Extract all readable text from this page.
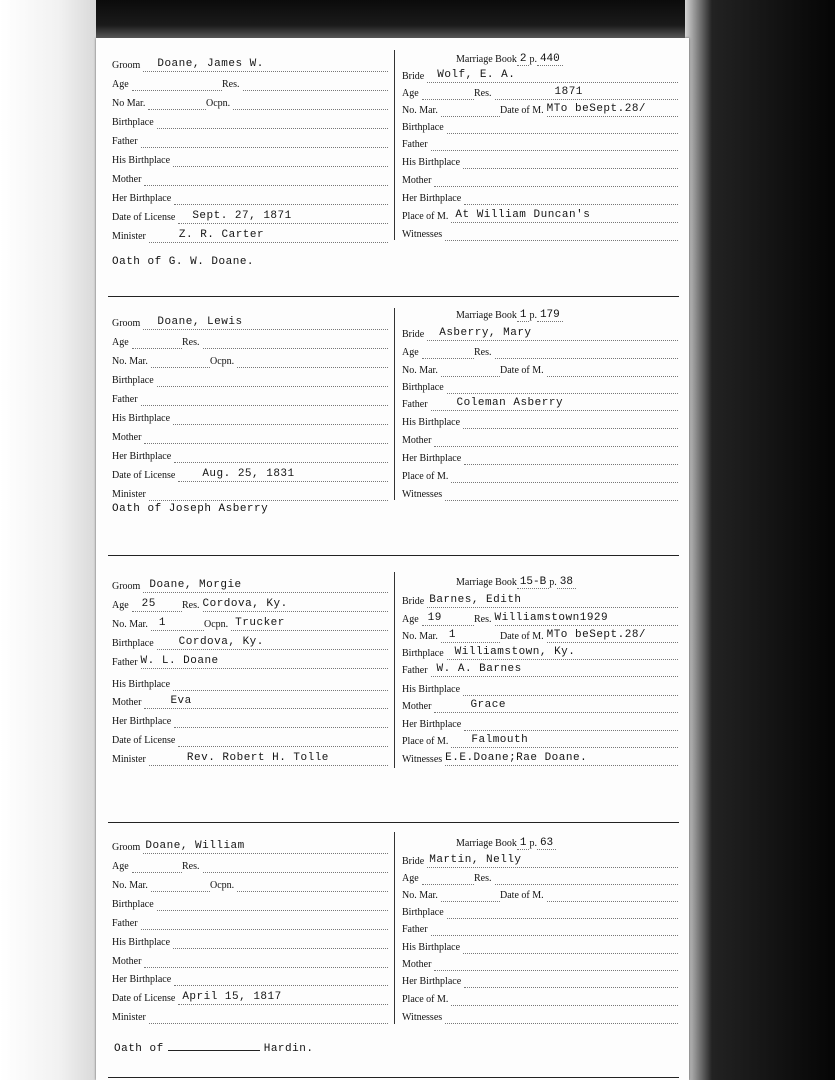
Groom Doane, James W.
Age	Res.
No Mar.	Ocpn.
Birthplace
Father
His Birthplace
Mother
Her Birthplace
Date of License Sept. 27, 1871
Minister	Z. R. Carter
Marriage Book 2 p. 440
Bride Wolf, E. A.
Age	Res.	1871
No. Mar.	Date of M. MTo beSept.28/
Birthplace
Father
His Birthplace
Mother
Her Birthplace
Place of M. At William Duncan's
Witnesses
Oath of G. W. Doane.
Groom Doane, Lewis
Age	Res.
No. Mar.	Ocpn.
Birthplace
Father
His Birthplace
Mother
Her Birthplace
Date of License Aug. 25, 1831
Minister
Marriage Book 1 p. 179
Bride Asberry, Mary
Age	Res.
No. Mar.	Date of M.
Birthplace
Father	Coleman Asberry
His Birthplace
Mother
Her Birthplace
Place of M.
Witnesses
Oath of Joseph Asberry
Groom Doane, Morgie
Age 25	Res. Cordova, Ky.
No. Mar. 1	Ocpn. Trucker
Birthplace Cordova, Ky.
Father W. L. Doane
His Birthplace
Mother	Eva
Her Birthplace
Date of License
Minister	Rev. Robert H. Tolle
Marriage Book 15-B p. 38
Bride Barnes, Edith
Age 19	Res. Williamstown1929
No. Mar. 1	Date of M. MTo beSept.28/
Birthplace Williamstown, Ky.
Father W. A. Barnes
His Birthplace
Mother	Grace
Her Birthplace
Place of M. Falmouth
Witnesses E.E.Doane;Rae Doane.
Groom Doane, William
Age	Res.
No. Mar.	Ocpn.
Birthplace
Father
His Birthplace
Mother
Her Birthplace
Date of License April 15, 1817
Minister
Marriage Book 1 p. 63
Bride Martin, Nelly
Age	Res.
No. Mar.	Date of M.
Birthplace
Father
His Birthplace
Mother
Her Birthplace
Place of M.
Witnesses
Oath of	Hardin.
